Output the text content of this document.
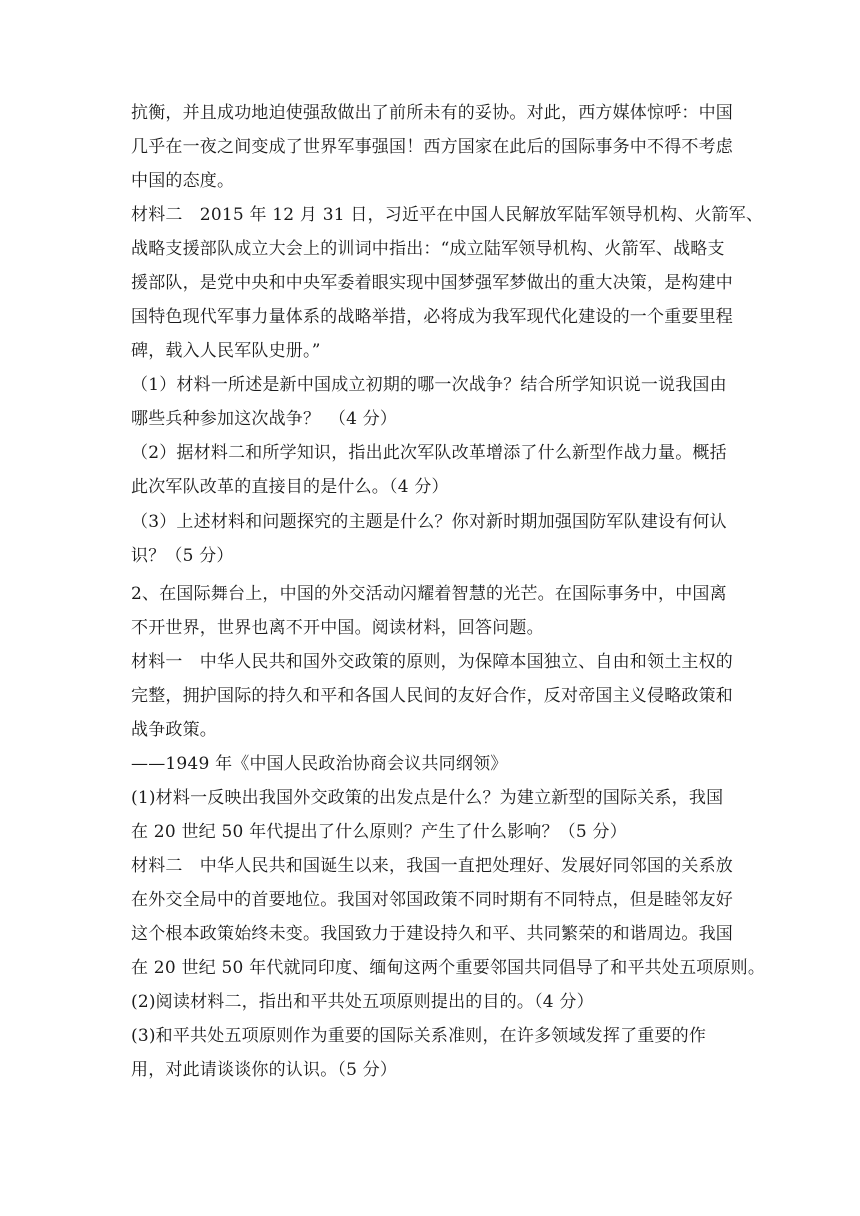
抗衡，并且成功地迫使强敌做出了前所未有的妥协。对此，西方媒体惊呼：中国
几乎在一夜之间变成了世界军事强国！西方国家在此后的国际事务中不得不考虑
中国的态度。
材料二　2015 年 12 月 31 日，习近平在中国人民解放军陆军领导机构、火箭军、
战略支援部队成立大会上的训词中指出：“成立陆军领导机构、火箭军、战略支
援部队，是党中央和中央军委着眼实现中国梦强军梦做出的重大决策，是构建中
国特色现代军事力量体系的战略举措，必将成为我军现代化建设的一个重要里程
碑，载入人民军队史册。”
（1）材料一所述是新中国成立初期的哪一次战争？结合所学知识说一说我国由
哪些兵种参加这次战争？　（4 分）
（2）据材料二和所学知识，指出此次军队改革增添了什么新型作战力量。概括
此次军队改革的直接目的是什么。（4 分）
（3）上述材料和问题探究的主题是什么？你对新时期加强国防军队建设有何认
识？（5 分）
2、在国际舞台上，中国的外交活动闪耀着智慧的光芒。在国际事务中，中国离
不开世界，世界也离不开中国。阅读材料，回答问题。
材料一　中华人民共和国外交政策的原则，为保障本国独立、自由和领土主权的
完整，拥护国际的持久和平和各国人民间的友好合作，反对帝国主义侵略政策和
战争政策。
——1949 年《中国人民政治协商会议共同纲领》
(1)材料一反映出我国外交政策的出发点是什么？为建立新型的国际关系，我国
在 20 世纪 50 年代提出了什么原则？产生了什么影响？（5 分）
材料二　中华人民共和国诞生以来，我国一直把处理好、发展好同邻国的关系放
在外交全局中的首要地位。我国对邻国政策不同时期有不同特点，但是睦邻友好
这个根本政策始终未变。我国致力于建设持久和平、共同繁荣的和谐周边。我国
在 20 世纪 50 年代就同印度、缅甸这两个重要邻国共同倡导了和平共处五项原则。
(2)阅读材料二，指出和平共处五项原则提出的目的。（4 分）
(3)和平共处五项原则作为重要的国际关系准则，在许多领域发挥了重要的作
用，对此请谈谈你的认识。（5 分）
